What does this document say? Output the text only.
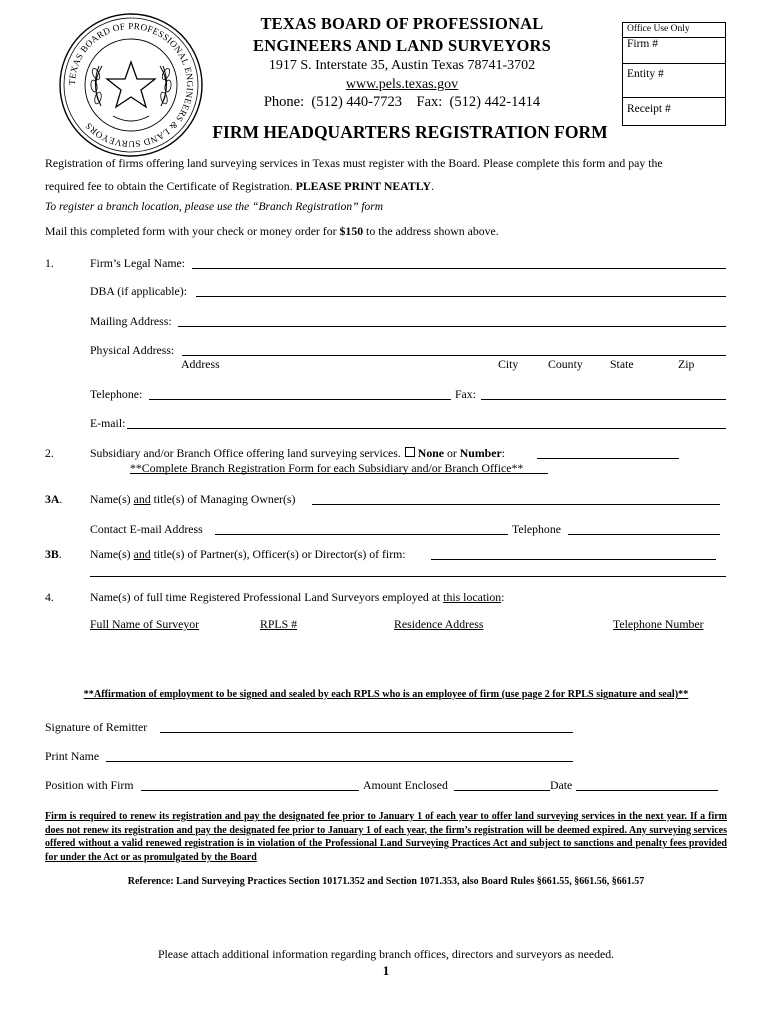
TEXAS BOARD OF PROFESSIONAL ENGINEERS & LAND SURVEYORS
TEXAS BOARD OF PROFESSIONAL
ENGINEERS AND LAND SURVEYORS
1917 S. Interstate 35, Austin Texas 78741-3702
www.pels.texas.gov
Phone:  (512) 440-7723    Fax:  (512) 442-1414
Office Use Only
Firm #
Entity #
Receipt #
FIRM HEADQUARTERS REGISTRATION FORM
Registration of firms offering land surveying services in Texas must register with the Board. Please complete this form and pay the
required fee to obtain the Certificate of Registration. PLEASE PRINT NEATLY.
To register a branch location, please use the “Branch Registration” form
Mail this completed form with your check or money order for $150 to the address shown above.
1.	Firm’s Legal Name:
DBA (if applicable):
Mailing Address:
Physical Address:
Address	City	County State	Zip
Telephone:	Fax:
E-mail:
2.	Subsidiary and/or Branch Office offering land surveying services. None or Number:
**Complete Branch Registration Form for each Subsidiary and/or Branch Office**
3A. Name(s) and title(s) of Managing Owner(s)
Contact E-mail Address	Telephone
3B. Name(s) and title(s) of Partner(s), Officer(s) or Director(s) of firm:
4.	Name(s) of full time Registered Professional Land Surveyors employed at this location:
Full Name of Surveyor	RPLS #	Residence Address	Telephone Number
**Affirmation of employment to be signed and sealed by each RPLS who is an employee of firm (use page 2 for RPLS signature and seal)**
Signature of Remitter
Print Name
Position with Firm	Amount Enclosed	Date
Firm is required to renew its registration and pay the designated fee prior to January 1 of each year to offer land surveying services in the next year. If a firm does not renew its registration and pay the designated fee prior to January 1 of each year, the firm’s registration will be deemed expired. Any surveying services offered without a valid renewed registration is in violation of the Professional Land Surveying Practices Act and subject to sanctions and penalty fees provided for under the Act or as promulgated by the Board
Reference: Land Surveying Practices Section 10171.352 and Section 1071.353, also Board Rules §661.55, §661.56, §661.57
Please attach additional information regarding branch offices, directors and surveyors as needed.
1
